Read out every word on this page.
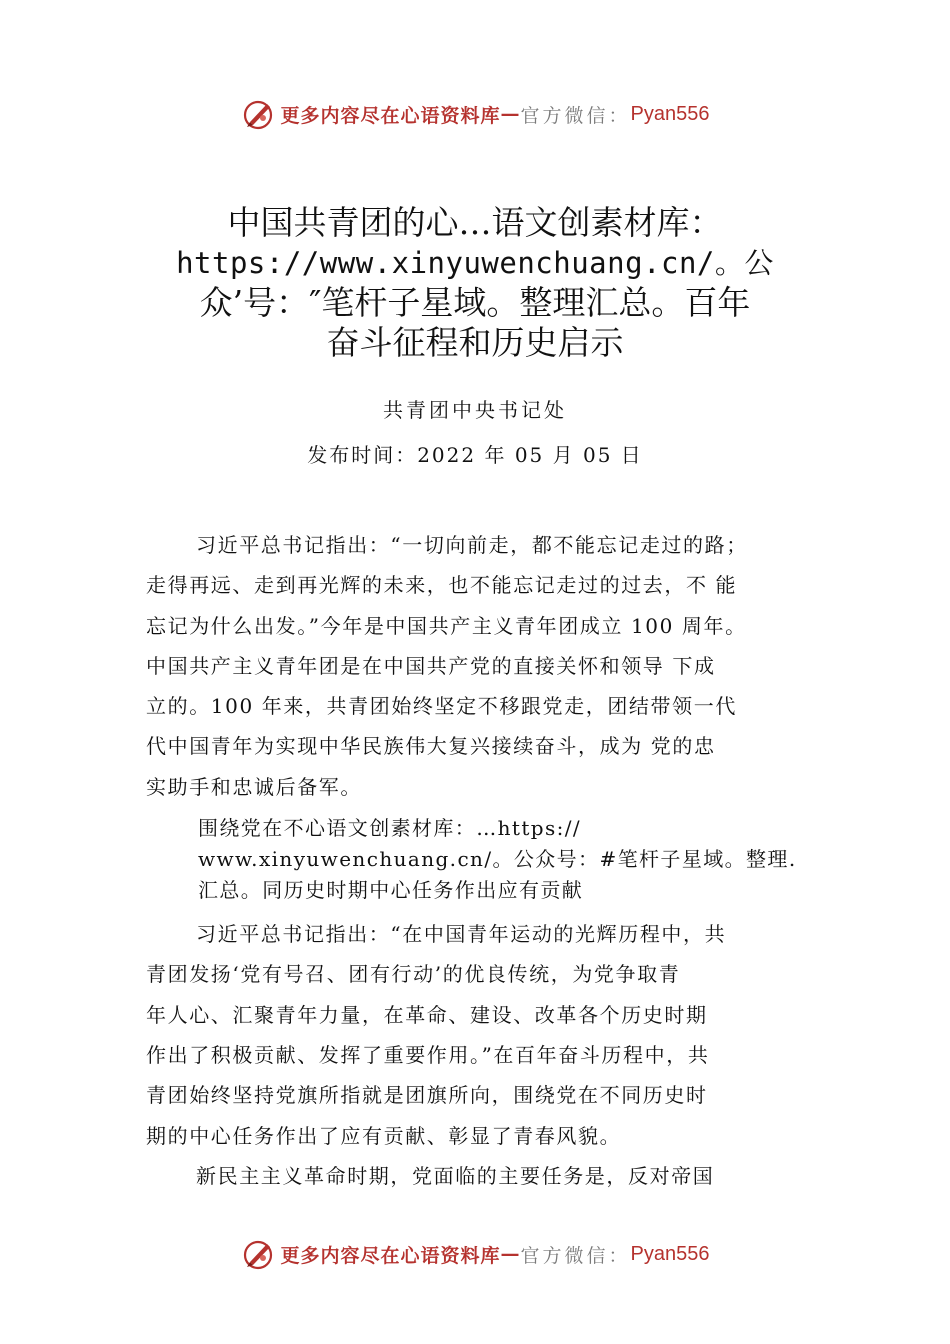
更多内容尽在心语资料库 — 官方微信： Pyan556
中国共青团的心…语文创素材库：
https://www.xinyuwenchuang.cn/。公
众’号：″笔杆子星域。整理汇总。百年
奋斗征程和历史启示
共青团中央书记处
发布时间：2022 年 05 月 05 日

习近平总书记指出：“一切向前走，都不能忘记走过的路；
走得再远、走到再光辉的未来，也不能忘记走过的过去，不 能
忘记为什么出发。”今年是中国共产主义青年团成立 100 周年。
中国共产主义青年团是在中国共产党的直接关怀和领导 下成
立的。100 年来，共青团始终坚定不移跟党走，团结带领一代
代中国青年为实现中华民族伟大复兴接续奋斗，成为 党的忠
实助手和忠诚后备军。

围绕党在不心语文创素材库：…https://
www.xinyuwenchuang.cn/。公众号：#笔杆子星域。整理.
汇总。同历史时期中心任务作出应有贡献

习近平总书记指出：“在中国青年运动的光辉历程中，共
青团发扬‘党有号召、团有行动’的优良传统，为党争取青
年人心、汇聚青年力量，在革命、建设、改革各个历史时期
作出了积极贡献、发挥了重要作用。”在百年奋斗历程中，共
青团始终坚持党旗所指就是团旗所向，围绕党在不同历史时
期的中心任务作出了应有贡献、彰显了青春风貌。

新民主主义革命时期，党面临的主要任务是，反对帝国

更多内容尽在心语资料库 — 官方微信： Pyan556
